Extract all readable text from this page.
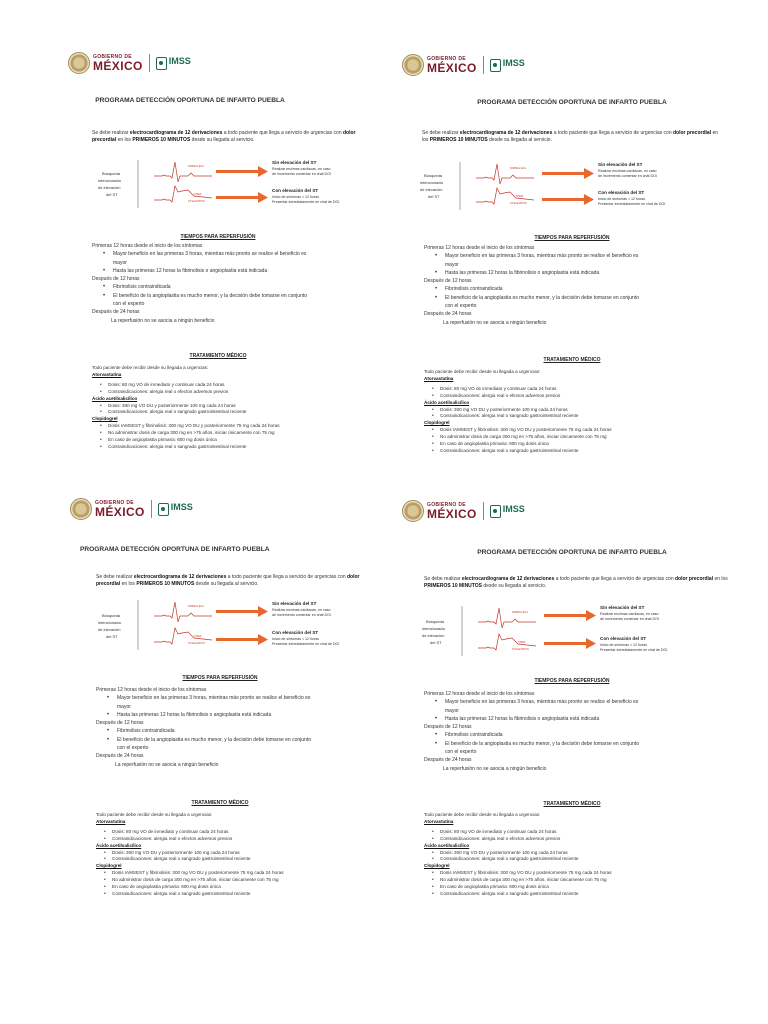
GOBIERNO DE
MÉXICO	IMSS

PROGRAMA DETECCIÓN OPORTUNA DE INFARTO PUEBLA
Se debe realizar electrocardiograma de 12 derivaciones a todo paciente que llega a servicio de urgencias con dolor precordial en los PRIMEROS 10 MINUTOS desde su llegada al servicio.
Búsqueda
intencionada
de elevación
del ST
NORMAL ECG
STEMI
ST ELEVATION
Sin elevación del ST
Realizar enzimas cardiacas, en caso
de incremento comentar en chat DOI
Con elevación del ST
Inicio de síntomas < 12 horas
Presentar inmediatamente en chat de DOI
TIEMPOS PARA REPERFUSIÓN
Primeras 12 horas desde el inicio de los síntomas
• Mayor beneficio en las primeras 3 horas, mientras más pronto se realice el beneficio es
mayor
• Hasta las primeras 12 horas la fibrinolisis o angioplastia está indicada
Después de 12 horas
• Fibrinolisis contraindicada
• El beneficio de la angioplastia es mucho menor, y la decisión debe tomarse en conjunto
con el experto
Después de 24 horas
La reperfusión no se asocia a ningún beneficio
TRATAMIENTO MÉDICO
Todo paciente debe recibir desde su llegada a urgencias:
Atorvastatina
• Dosis: 80 mg VO de inmediato y continuar cada 24 horas
• Contraindicaciones: alergia real o efectos adversos previos
Ácido acetilsalicílico
• Dosis: 300 mg VO DU y posteriormente 100 mg cada 24 horas
• Contraindicaciones: alergia real o sangrado gastrointestinal reciente
Clopidogrel
• Dosis IAMSEST y fibrinolisis: 300 mg VO DU y posteriormente 75 mg cada 24 horas
• No administrar dosis de carga 300 mg en >75 años, iniciar únicamente con 75 mg
• En caso de angioplastia primaria: 600 mg dosis única
• Contraindicaciones: alergia real o sangrado gastrointestinal reciente
GOBIERNO DE
MÉXICO	IMSS

PROGRAMA DETECCIÓN OPORTUNA DE INFARTO PUEBLA
Se debe realizar electrocardiograma de 12 derivaciones a todo paciente que llega a servicio de urgencias con dolor precordial en los PRIMEROS 10 MINUTOS desde su llegada al servicio.
Búsqueda
intencionada
de elevación
del ST
NORMAL ECG
STEMI
ST ELEVATION
Sin elevación del ST
Realizar enzimas cardiacas, en caso
de incremento comentar en chat DOI
Con elevación del ST
Inicio de síntomas < 12 horas
Presentar inmediatamente en chat de DOI
TIEMPOS PARA REPERFUSIÓN
Primeras 12 horas desde el inicio de los síntomas
• Mayor beneficio en las primeras 3 horas, mientras más pronto se realice el beneficio es
mayor
• Hasta las primeras 12 horas la fibrinolisis o angioplastia está indicada
Después de 12 horas
• Fibrinolisis contraindicada
• El beneficio de la angioplastia es mucho menor, y la decisión debe tomarse en conjunto
con el experto
Después de 24 horas
La reperfusión no se asocia a ningún beneficio
TRATAMIENTO MÉDICO
Todo paciente debe recibir desde su llegada a urgencias:
Atorvastatina
• Dosis: 80 mg VO de inmediato y continuar cada 24 horas
• Contraindicaciones: alergia real o efectos adversos previos
Ácido acetilsalicílico
• Dosis: 300 mg VO DU y posteriormente 100 mg cada 24 horas
• Contraindicaciones: alergia real o sangrado gastrointestinal reciente
Clopidogrel
• Dosis IAMSEST y fibrinolisis: 300 mg VO DU y posteriormente 75 mg cada 24 horas
• No administrar dosis de carga 300 mg en >75 años, iniciar únicamente con 75 mg
• En caso de angioplastia primaria: 600 mg dosis única
• Contraindicaciones: alergia real o sangrado gastrointestinal reciente
GOBIERNO DE
MÉXICO	IMSS

PROGRAMA DETECCIÓN OPORTUNA DE INFARTO PUEBLA
Se debe realizar electrocardiograma de 12 derivaciones a todo paciente que llega a servicio de urgencias con dolor precordial en los PRIMEROS 10 MINUTOS desde su llegada al servicio.
Búsqueda
intencionada
de elevación
del ST
NORMAL ECG
STEMI
ST ELEVATION
Sin elevación del ST
Realizar enzimas cardiacas, en caso
de incremento comentar en chat DOI
Con elevación del ST
Inicio de síntomas < 12 horas
Presentar inmediatamente en chat de DOI
TIEMPOS PARA REPERFUSIÓN
Primeras 12 horas desde el inicio de los síntomas
• Mayor beneficio en las primeras 3 horas, mientras más pronto se realice el beneficio es
mayor
• Hasta las primeras 12 horas la fibrinolisis o angioplastia está indicada
Después de 12 horas
• Fibrinolisis contraindicada
• El beneficio de la angioplastia es mucho menor, y la decisión debe tomarse en conjunto
con el experto
Después de 24 horas
La reperfusión no se asocia a ningún beneficio
TRATAMIENTO MÉDICO
Todo paciente debe recibir desde su llegada a urgencias:
Atorvastatina
• Dosis: 80 mg VO de inmediato y continuar cada 24 horas
• Contraindicaciones: alergia real o efectos adversos previos
Ácido acetilsalicílico
• Dosis: 300 mg VO DU y posteriormente 100 mg cada 24 horas
• Contraindicaciones: alergia real o sangrado gastrointestinal reciente
Clopidogrel
• Dosis IAMSEST y fibrinolisis: 300 mg VO DU y posteriormente 75 mg cada 24 horas
• No administrar dosis de carga 300 mg en >75 años, iniciar únicamente con 75 mg
• En caso de angioplastia primaria: 600 mg dosis única
• Contraindicaciones: alergia real o sangrado gastrointestinal reciente
GOBIERNO DE
MÉXICO	IMSS

PROGRAMA DETECCIÓN OPORTUNA DE INFARTO PUEBLA
Se debe realizar electrocardiograma de 12 derivaciones a todo paciente que llega a servicio de urgencias con dolor precordial en los PRIMEROS 10 MINUTOS desde su llegada al servicio.
Búsqueda
intencionada
de elevación
del ST
NORMAL ECG
STEMI
ST ELEVATION
Sin elevación del ST
Realizar enzimas cardiacas, en caso
de incremento comentar en chat DOI
Con elevación del ST
Inicio de síntomas < 12 horas
Presentar inmediatamente en chat de DOI
TIEMPOS PARA REPERFUSIÓN
Primeras 12 horas desde el inicio de los síntomas
• Mayor beneficio en las primeras 3 horas, mientras más pronto se realice el beneficio es
mayor
• Hasta las primeras 12 horas la fibrinolisis o angioplastia está indicada
Después de 12 horas
• Fibrinolisis contraindicada
• El beneficio de la angioplastia es mucho menor, y la decisión debe tomarse en conjunto
con el experto
Después de 24 horas
La reperfusión no se asocia a ningún beneficio
TRATAMIENTO MÉDICO
Todo paciente debe recibir desde su llegada a urgencias:
Atorvastatina
• Dosis: 80 mg VO de inmediato y continuar cada 24 horas
• Contraindicaciones: alergia real o efectos adversos previos
Ácido acetilsalicílico
• Dosis: 300 mg VO DU y posteriormente 100 mg cada 24 horas
• Contraindicaciones: alergia real o sangrado gastrointestinal reciente
Clopidogrel
• Dosis IAMSEST y fibrinolisis: 300 mg VO DU y posteriormente 75 mg cada 24 horas
• No administrar dosis de carga 300 mg en >75 años, iniciar únicamente con 75 mg
• En caso de angioplastia primaria: 600 mg dosis única
• Contraindicaciones: alergia real o sangrado gastrointestinal reciente
